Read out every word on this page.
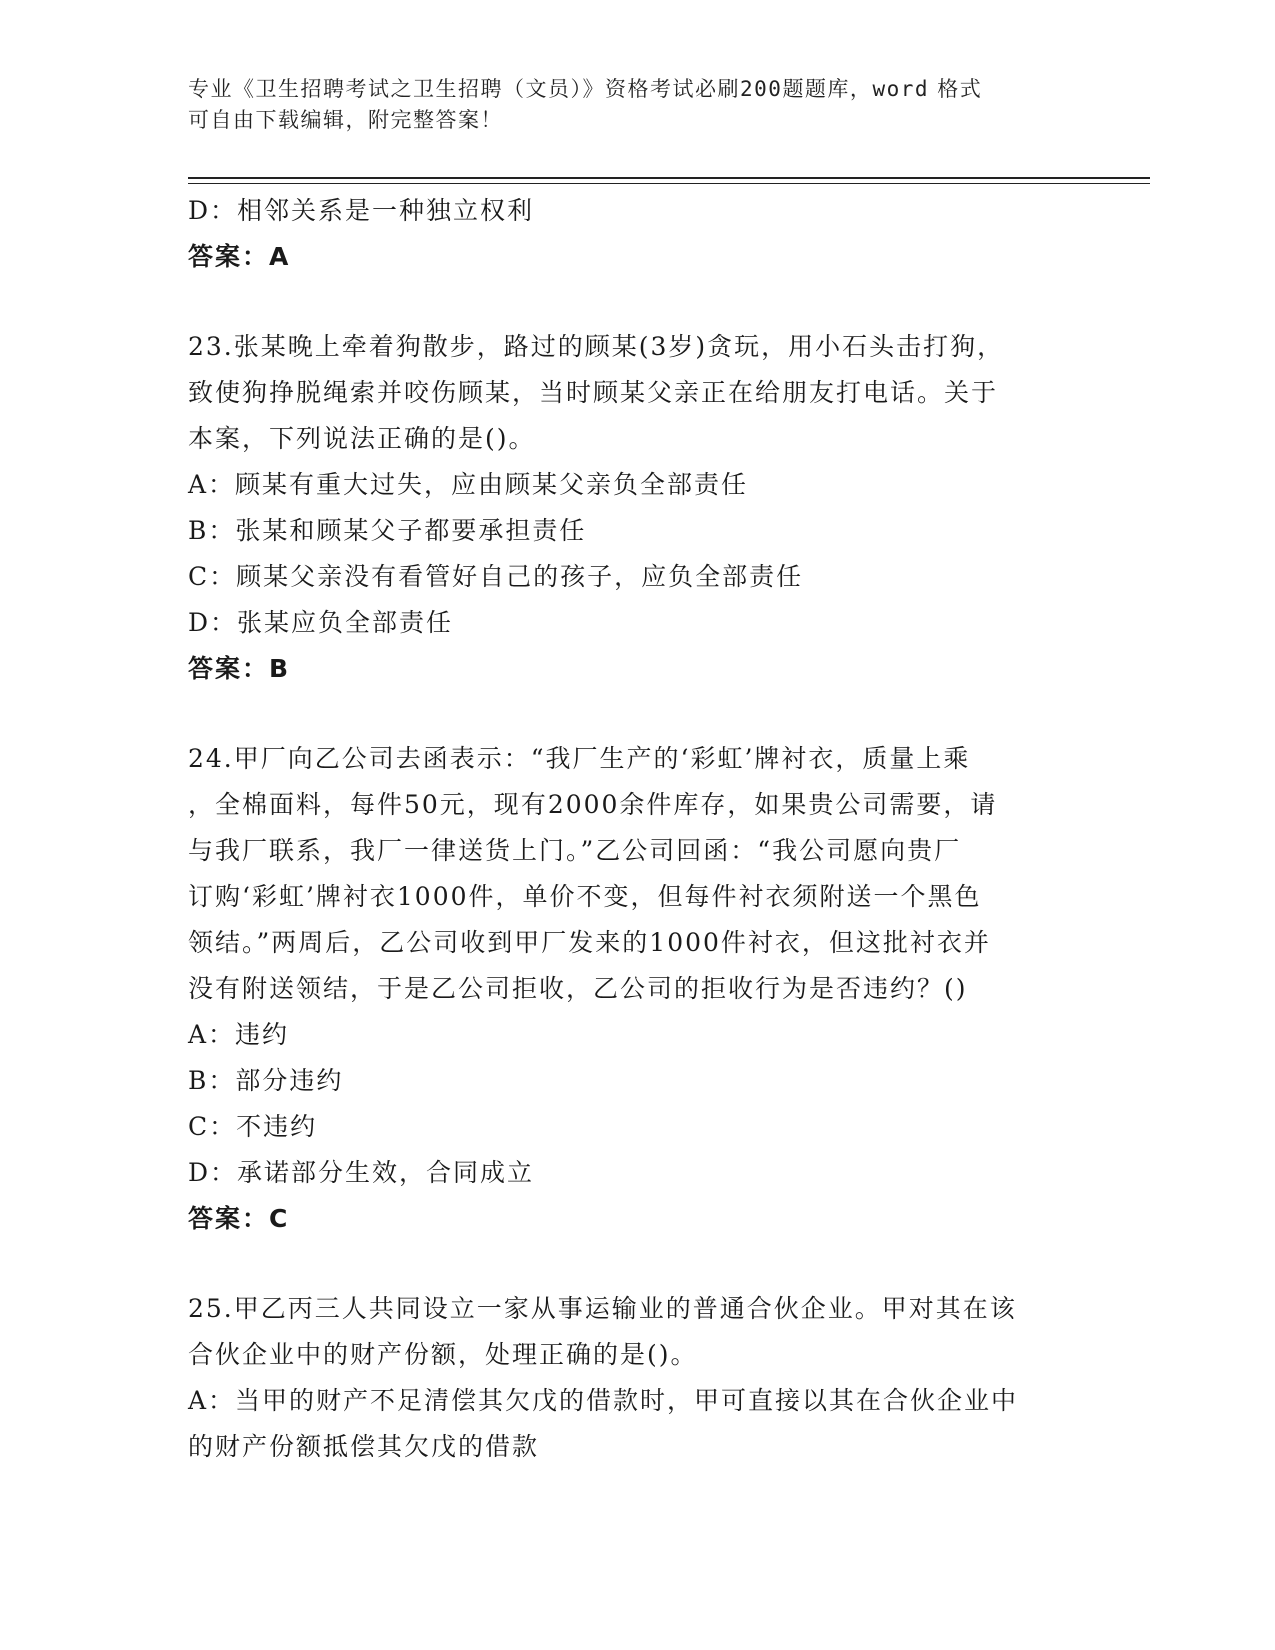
专业《卫生招聘考试之卫生招聘（文员）》资格考试必刷200题题库，word 格式
可自由下载编辑，附完整答案！
D：相邻关系是一种独立权利
答案：A
23.张某晚上牵着狗散步，路过的顾某(3岁)贪玩，用小石头击打狗，
致使狗挣脱绳索并咬伤顾某，当时顾某父亲正在给朋友打电话。关于
本案，下列说法正确的是()。
A：顾某有重大过失，应由顾某父亲负全部责任
B：张某和顾某父子都要承担责任
C：顾某父亲没有看管好自己的孩子，应负全部责任
D：张某应负全部责任
答案：B
24.甲厂向乙公司去函表示：“我厂生产的‘彩虹’牌衬衣，质量上乘
，全棉面料，每件50元，现有2000余件库存，如果贵公司需要，请
与我厂联系，我厂一律送货上门。”乙公司回函：“我公司愿向贵厂
订购‘彩虹’牌衬衣1000件，单价不变，但每件衬衣须附送一个黑色
领结。”两周后，乙公司收到甲厂发来的1000件衬衣，但这批衬衣并
没有附送领结，于是乙公司拒收，乙公司的拒收行为是否违约？()
A：违约
B：部分违约
C：不违约
D：承诺部分生效，合同成立
答案：C
25.甲乙丙三人共同设立一家从事运输业的普通合伙企业。甲对其在该
合伙企业中的财产份额，处理正确的是()。
A：当甲的财产不足清偿其欠戊的借款时，甲可直接以其在合伙企业中
的财产份额抵偿其欠戊的借款
